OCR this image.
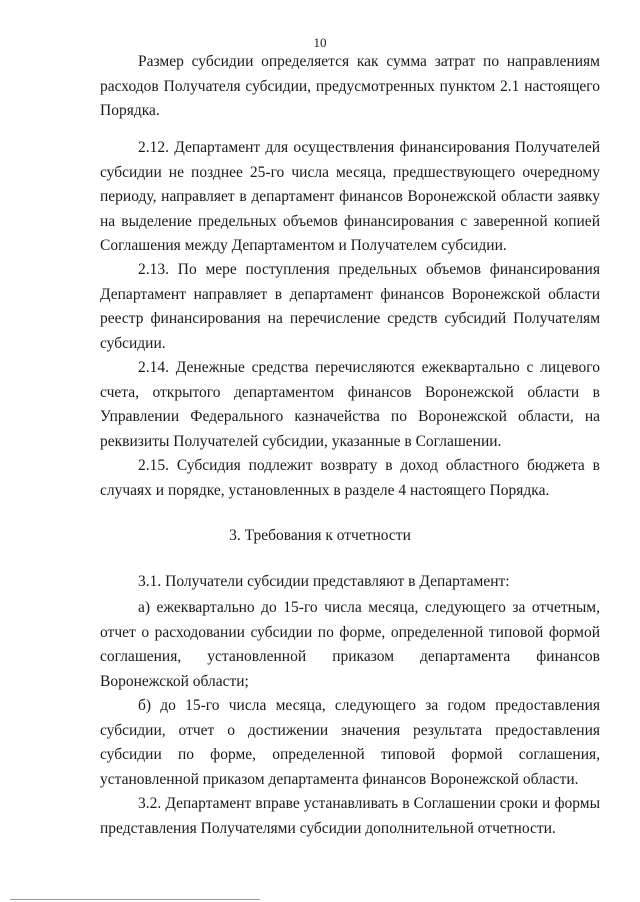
10

Размер субсидии определяется как сумма затрат по направлениям расходов Получателя субсидии, предусмотренных пунктом 2.1 настоящего Порядка.

2.12. Департамент для осуществления финансирования Получателей субсидии не позднее 25-го числа месяца, предшествующего очередному периоду, направляет в департамент финансов Воронежской области заявку на выделение предельных объемов финансирования с заверенной копией Соглашения между Департаментом и Получателем субсидии.

2.13. По мере поступления предельных объемов финансирования Департамент направляет в департамент финансов Воронежской области реестр финансирования на перечисление средств субсидий Получателям субсидии.

2.14. Денежные средства перечисляются ежеквартально с лицевого счета, открытого департаментом финансов Воронежской области в Управлении Федерального казначейства по Воронежской области, на реквизиты Получателей субсидии, указанные в Соглашении.

2.15. Субсидия подлежит возврату в доход областного бюджета в случаях и порядке, установленных в разделе 4 настоящего Порядка.

3. Требования к отчетности

3.1. Получатели субсидии представляют в Департамент:

а) ежеквартально до 15-го числа месяца, следующего за отчетным, отчет о расходовании субсидии по форме, определенной типовой формой соглашения, установленной приказом департамента финансов Воронежской области;

б) до 15-го числа месяца, следующего за годом предоставления субсидии, отчет о достижении значения результата предоставления субсидии по форме, определенной типовой формой соглашения, установленной приказом департамента финансов Воронежской области.

3.2. Департамент вправе устанавливать в Соглашении сроки и формы представления Получателями субсидии дополнительной отчетности.
